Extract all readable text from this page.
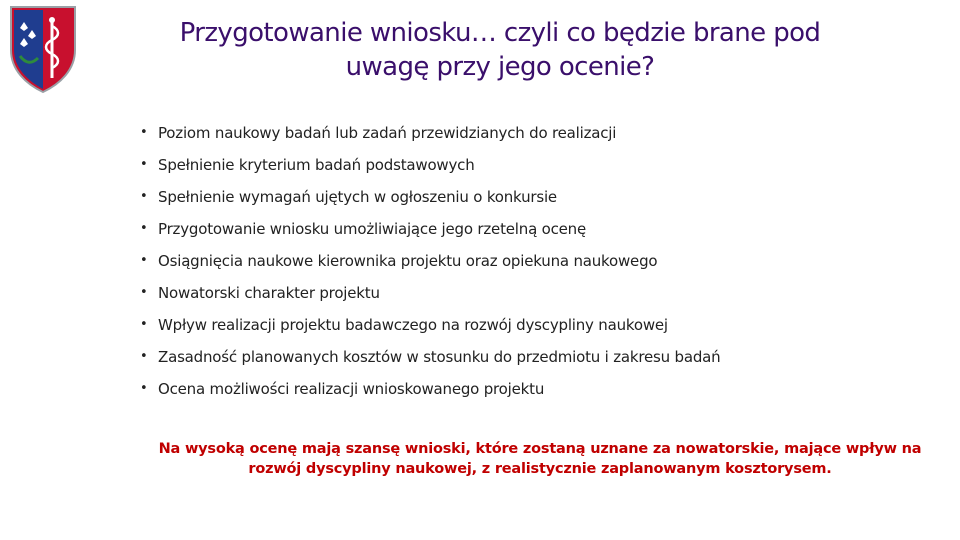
Przygotowanie wniosku… czyli co będzie brane pod
uwagę przy jego ocenie?
• Poziom naukowy badań lub zadań przewidzianych do realizacji
• Spełnienie kryterium badań podstawowych
• Spełnienie wymagań ujętych w ogłoszeniu o konkursie
• Przygotowanie wniosku umożliwiające jego rzetelną ocenę
• Osiągnięcia naukowe kierownika projektu oraz opiekuna naukowego
• Nowatorski charakter projektu
• Wpływ realizacji projektu badawczego na rozwój dyscypliny naukowej
• Zasadność planowanych kosztów w stosunku do przedmiotu i zakresu badań
• Ocena możliwości realizacji wnioskowanego projektu
Na wysoką ocenę mają szansę wnioski, które zostaną uznane za nowatorskie, mające wpływ na
rozwój dyscypliny naukowej, z realistycznie zaplanowanym kosztorysem.
